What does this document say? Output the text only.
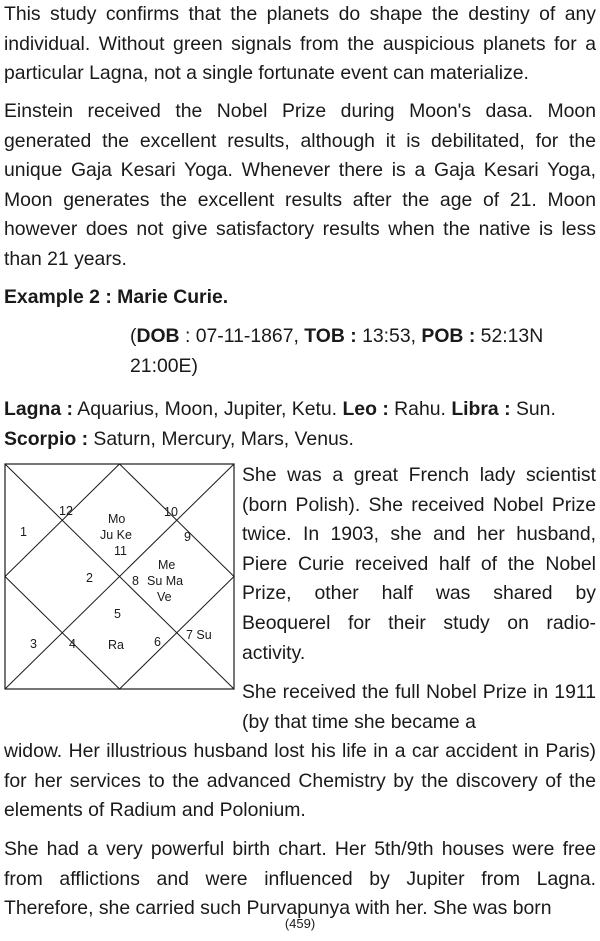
This study confirms that the planets do shape the destiny of any individual. Without green signals from the auspicious planets for a particular Lagna, not a single fortunate event can materialize.

Einstein received the Nobel Prize during Moon's dasa. Moon generated the excellent results, although it is debilitated, for the unique Gaja Kesari Yoga. Whenever there is a Gaja Kesari Yoga, Moon generates the excellent results after the age of 21. Moon however does not give satisfactory results when the native is less than 21 years.

Example 2 : Marie Curie.
(DOB : 07-11-1867, TOB : 13:53, POB : 52:13N 21:00E)

Lagna : Aquarius, Moon, Jupiter, Ketu. Leo : Rahu. Libra : Sun.
Scorpio : Saturn, Mercury, Mars, Venus.

12
1
Mo
Ju Ke
11
10
9
2
Me
8 Su Ma
Ve
5
3	4	Ra 6 7 Su

She was a great French lady scientist (born Polish). She received Nobel Prize twice. In 1903, she and her husband, Piere Curie received half of the Nobel Prize, other half was shared by Beoquerel for their study on radio-activity.

She received the full Nobel Prize in 1911 (by that time she became a

widow. Her illustrious husband lost his life in a car accident in Paris) for her services to the advanced Chemistry by the discovery of the elements of Radium and Polonium.

She had a very powerful birth chart. Her 5th/9th houses were free from afflictions and were influenced by Jupiter from Lagna. Therefore, she carried such Purvapunya with her. She was born

(459)
